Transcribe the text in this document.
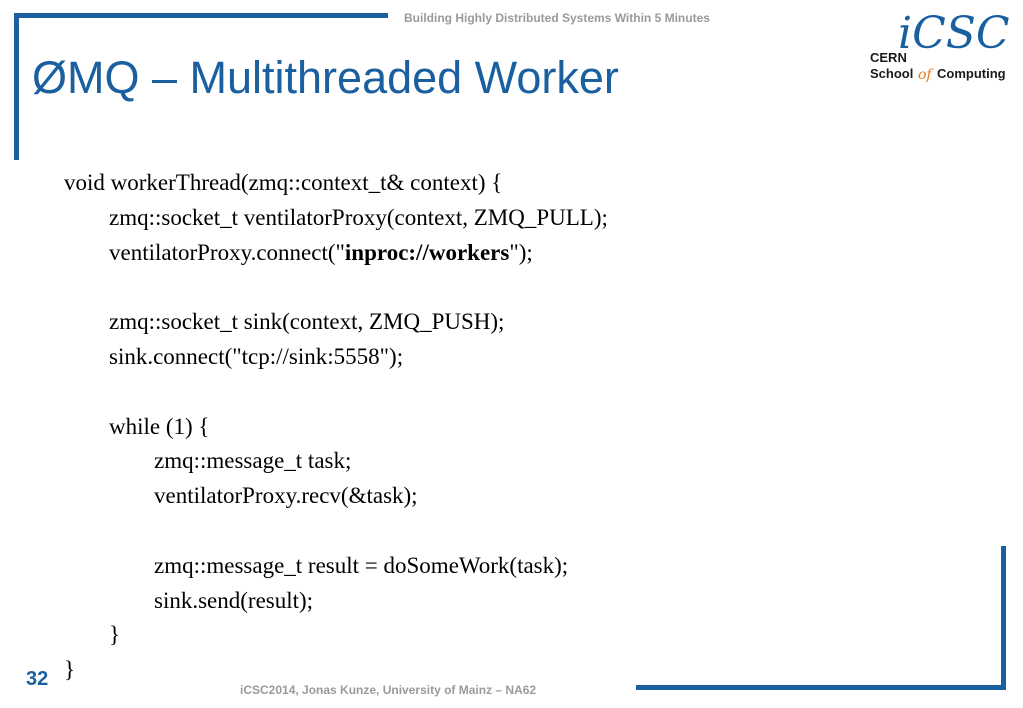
Building Highly Distributed Systems Within 5 Minutes
ØMQ – Multithreaded Worker
iCSC
CERN
School of Computing
void workerThread(zmq::context_t& context) {
zmq::socket_t ventilatorProxy(context, ZMQ_PULL);
ventilatorProxy.connect("inproc://workers");
zmq::socket_t sink(context, ZMQ_PUSH);
sink.connect("tcp://sink:5558");
while (1) {
zmq::message_t task;
ventilatorProxy.recv(&task);
zmq::message_t result = doSomeWork(task);
sink.send(result);
}
}
32	iCSC2014, Jonas Kunze, University of Mainz – NA62
